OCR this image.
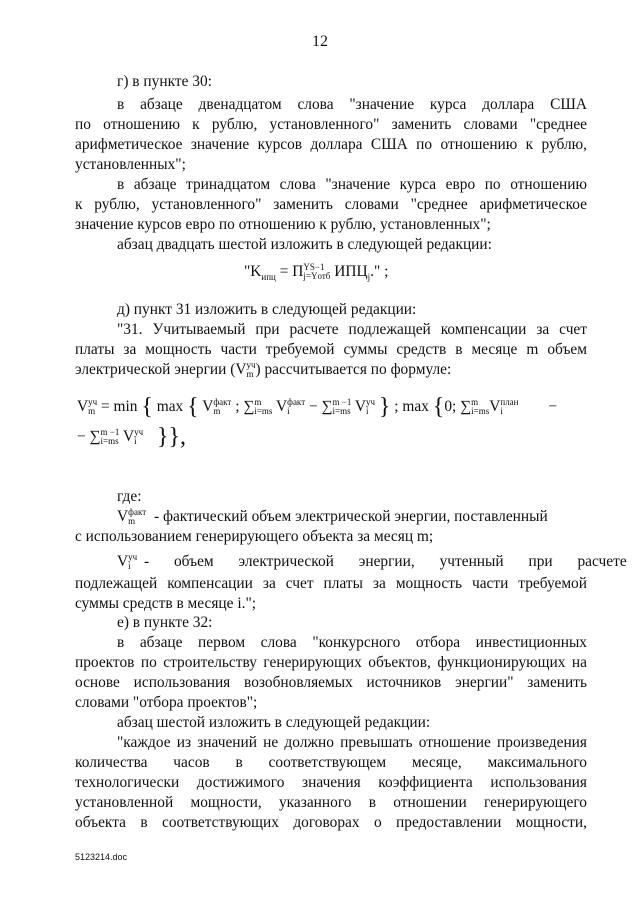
12
г) в пункте 30:
в абзаце двенадцатом слова "значение курса доллара США
по отношению к рублю, установленного" заменить словами "среднее
арифметическое значение курсов доллара США по отношению к рублю,
установленных";
в абзаце тринадцатом слова "значение курса евро по отношению
к рублю, установленного" заменить словами "среднее арифметическое
значение курсов евро по отношению к рублю, установленных";
абзац двадцать шестой изложить в следующей редакции:
"$K_{ипц} = ПYS-1$
j=Yотб $ИПЦ_j$." ;
д) пункт 31 изложить в следующей редакции:
"31. Учитываемый при расчете подлежащей компенсации за счет
платы за мощность части требуемой суммы средств в месяце m объем
электрической энергии (Vуч
m ) рассчитывается по формуле:
Vуч
m = min { max { Vфакт
m ; ∑m
i=ms Vфакт
i − ∑m −1
i=ms Vуч
i } ; max {0; ∑m
i=msVплан
i	−
− ∑m −1
i=ms Vуч
i }},
где:
Vфакт
m - фактический объем электрической энергии, поставленный
с использованием генерирующего объекта за месяц m;
Vуч
i - объем электрической энергии, учтенный при расчете
подлежащей компенсации за счет платы за мощность части требуемой
суммы средств в месяце i.";
е) в пункте 32:
в абзаце первом слова "конкурсного отбора инвестиционных
проектов по строительству генерирующих объектов, функционирующих на
основе использования возобновляемых источников энергии" заменить
словами "отбора проектов";
абзац шестой изложить в следующей редакции:
"каждое из значений не должно превышать отношение произведения
количества часов в соответствующем месяце, максимального
технологически достижимого значения коэффициента использования
установленной мощности, указанного в отношении генерирующего
объекта в соответствующих договорах о предоставлении мощности,
5123214.doc
